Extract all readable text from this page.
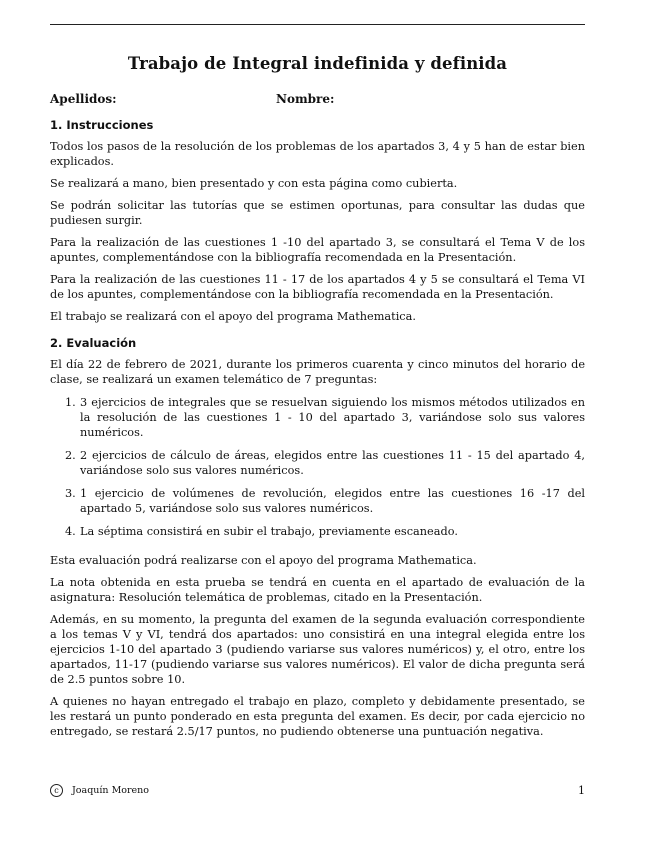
Trabajo de Integral indefinida y definida
Apellidos:	Nombre:
1. Instrucciones

Todos los pasos de la resolución de los problemas de los apartados 3, 4 y 5 han de estar bien explicados.

Se realizará a mano, bien presentado y con esta página como cubierta.

Se podrán solicitar las tutorías que se estimen oportunas, para consultar las dudas que pudiesen surgir.

Para la realización de las cuestiones 1 -10 del apartado 3, se consultará el Tema V de los apuntes, complementándose con la bibliografía recomendada en la Presentación.

Para la realización de las cuestiones 11 - 17 de los apartados 4 y 5 se consultará el Tema VI de los apuntes, complementándose con la bibliografía recomendada en la Presentación.

El trabajo se realizará con el apoyo del programa Mathematica.

2. Evaluación

El día 22 de febrero de 2021, durante los primeros cuarenta y cinco minutos del horario de clase, se realizará un examen telemático de 7 preguntas:

1. 3 ejercicios de integrales que se resuelvan siguiendo los mismos métodos utilizados en la resolución de las cuestiones 1 - 10 del apartado 3, variándose solo sus valores numéricos.
2. 2 ejercicios de cálculo de áreas, elegidos entre las cuestiones 11 - 15 del apartado 4, variándose solo sus valores numéricos.
3. 1 ejercicio de volúmenes de revolución, elegidos entre las cuestiones 16 -17 del apartado 5, variándose solo sus valores numéricos.
4. La séptima consistirá en subir el trabajo, previamente escaneado.

Esta evaluación podrá realizarse con el apoyo del programa Mathematica.

La nota obtenida en esta prueba se tendrá en cuenta en el apartado de evaluación de la asignatura: Resolución telemática de problemas, citado en la Presentación.

Además, en su momento, la pregunta del examen de la segunda evaluación correspondiente a los temas V y VI, tendrá dos apartados: uno consistirá en una integral elegida entre los ejercicios 1-10 del apartado 3 (pudiendo variarse sus valores numéricos) y, el otro, entre los apartados, 11-17 (pudiendo variarse sus valores numéricos). El valor de dicha pregunta será de 2.5 puntos sobre 10.

A quienes no hayan entregado el trabajo en plazo, completo y debidamente presentado, se les restará un punto ponderado en esta pregunta del examen. Es decir, por cada ejercicio no entregado, se restará 2.5/17 puntos, no pudiendo obtenerse una puntuación negativa.

c	Joaquín Moreno	1
